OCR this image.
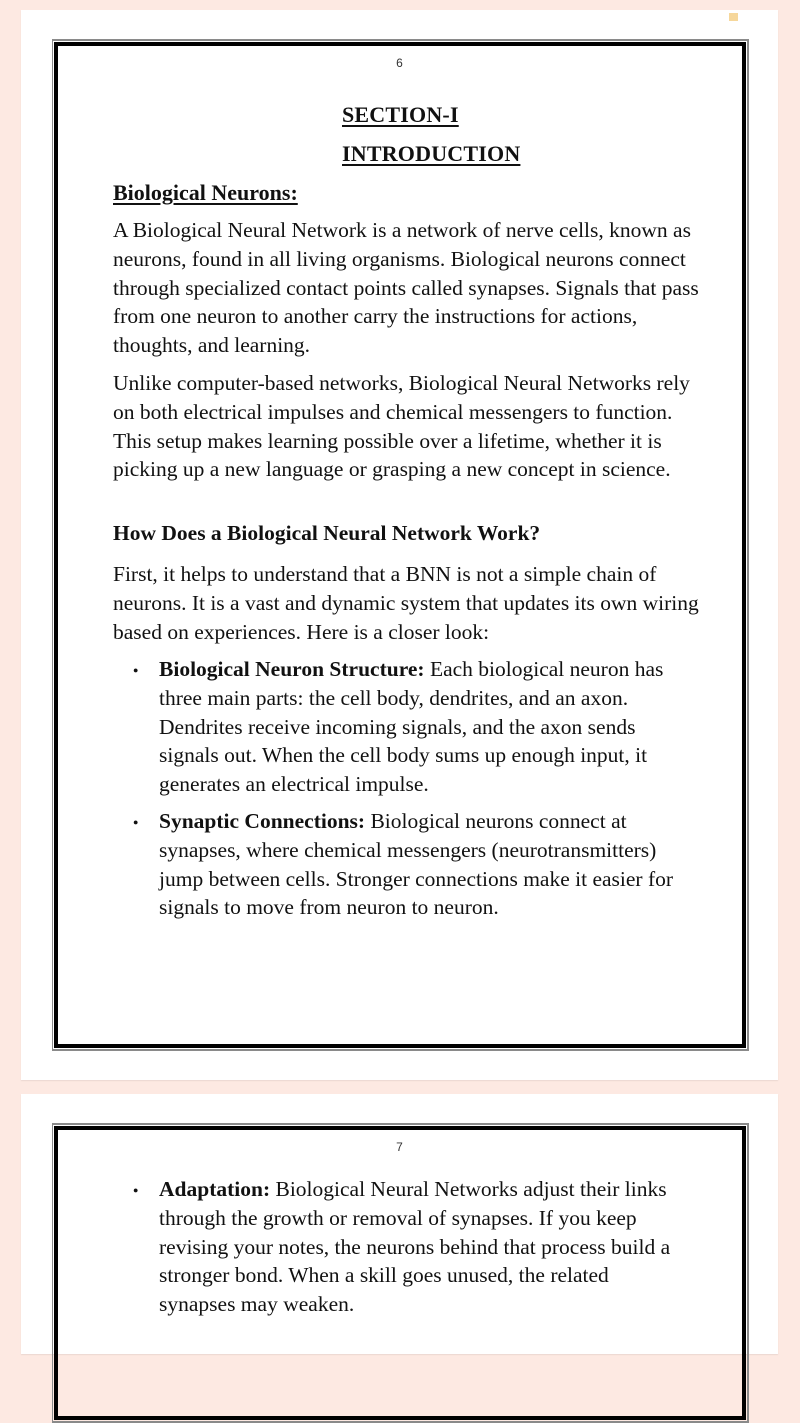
6
SECTION-I
INTRODUCTION
Biological Neurons:

A Biological Neural Network is a network of nerve cells, known as neurons, found in all living organisms. Biological neurons connect through specialized contact points called synapses. Signals that pass from one neuron to another carry the instructions for actions, thoughts, and learning.

Unlike computer-based networks, Biological Neural Networks rely on both electrical impulses and chemical messengers to function. This setup makes learning possible over a lifetime, whether it is picking up a new language or grasping a new concept in science.

How Does a Biological Neural Network Work?

First, it helps to understand that a BNN is not a simple chain of neurons. It is a vast and dynamic system that updates its own wiring based on experiences. Here is a closer look:

● Biological Neuron Structure: Each biological neuron has three main parts: the cell body, dendrites, and an axon. Dendrites receive incoming signals, and the axon sends signals out. When the cell body sums up enough input, it generates an electrical impulse.

● Synaptic Connections: Biological neurons connect at synapses, where chemical messengers (neurotransmitters) jump between cells. Stronger connections make it easier for signals to move from neuron to neuron.

7
● Adaptation: Biological Neural Networks adjust their links through the growth or removal of synapses. If you keep revising your notes, the neurons behind that process build a stronger bond. When a skill goes unused, the related synapses may weaken.
